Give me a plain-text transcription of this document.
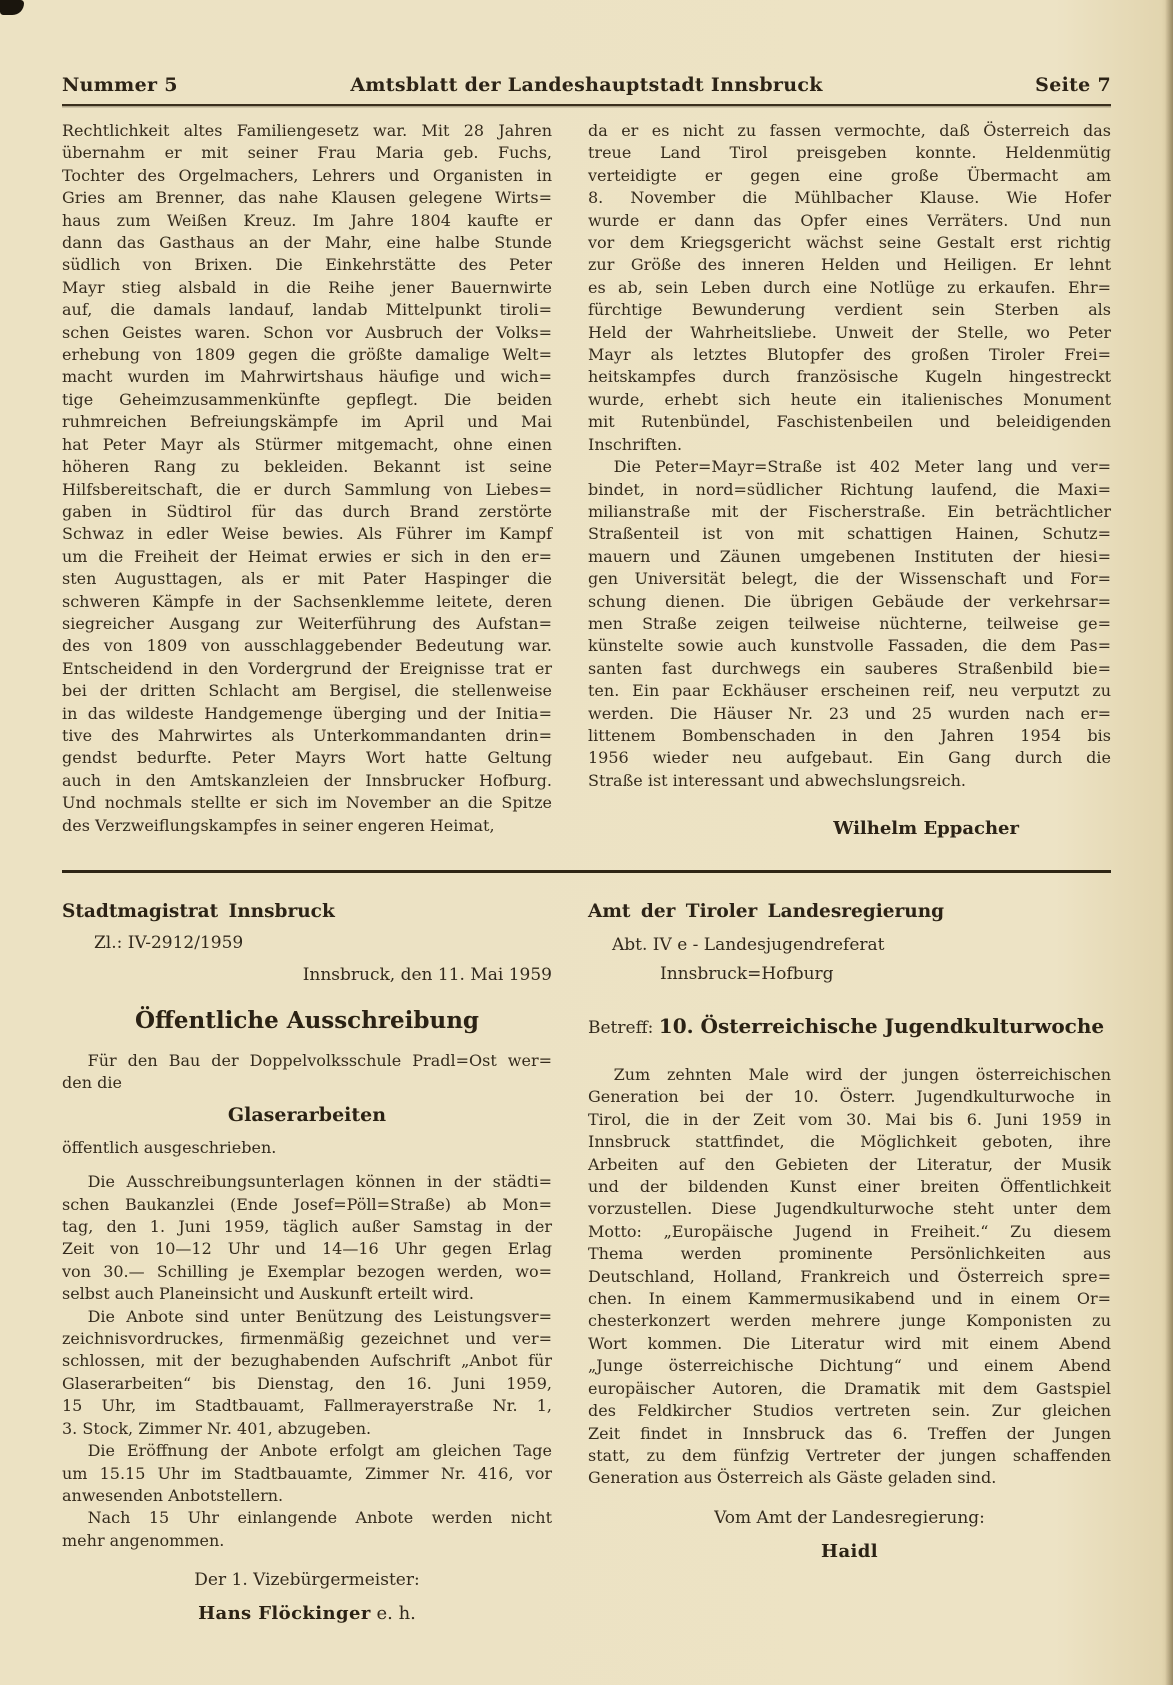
Nummer 5	Amtsblatt der Landeshauptstadt Innsbruck	Seite 7
Rechtlichkeit altes Familiengesetz war. Mit 28 Jahren
übernahm er mit seiner Frau Maria geb. Fuchs,
Tochter des Orgelmachers, Lehrers und Organisten in
Gries am Brenner, das nahe Klausen gelegene Wirts=
haus zum Weißen Kreuz. Im Jahre 1804 kaufte er
dann das Gasthaus an der Mahr, eine halbe Stunde
südlich von Brixen. Die Einkehrstätte des Peter
Mayr stieg alsbald in die Reihe jener Bauernwirte
auf, die damals landauf, landab Mittelpunkt tiroli=
schen Geistes waren. Schon vor Ausbruch der Volks=
erhebung von 1809 gegen die größte damalige Welt=
macht wurden im Mahrwirtshaus häufige und wich=
tige Geheimzusammenkünfte gepflegt. Die beiden
ruhmreichen Befreiungskämpfe im April und Mai
hat Peter Mayr als Stürmer mitgemacht, ohne einen
höheren Rang zu bekleiden. Bekannt ist seine
Hilfsbereitschaft, die er durch Sammlung von Liebes=
gaben in Südtirol für das durch Brand zerstörte
Schwaz in edler Weise bewies. Als Führer im Kampf
um die Freiheit der Heimat erwies er sich in den er=
sten Augusttagen, als er mit Pater Haspinger die
schweren Kämpfe in der Sachsenklemme leitete, deren
siegreicher Ausgang zur Weiterführung des Aufstan=
des von 1809 von ausschlaggebender Bedeutung war.
Entscheidend in den Vordergrund der Ereignisse trat er
bei der dritten Schlacht am Bergisel, die stellenweise
in das wildeste Handgemenge überging und der Initia=
tive des Mahrwirtes als Unterkommandanten drin=
gendst bedurfte. Peter Mayrs Wort hatte Geltung
auch in den Amtskanzleien der Innsbrucker Hofburg.
Und nochmals stellte er sich im November an die Spitze
des Verzweiflungskampfes in seiner engeren Heimat,
da er es nicht zu fassen vermochte, daß Österreich das
treue Land Tirol preisgeben konnte. Heldenmütig
verteidigte er gegen eine große Übermacht am
8. November die Mühlbacher Klause. Wie Hofer
wurde er dann das Opfer eines Verräters. Und nun
vor dem Kriegsgericht wächst seine Gestalt erst richtig
zur Größe des inneren Helden und Heiligen. Er lehnt
es ab, sein Leben durch eine Notlüge zu erkaufen. Ehr=
fürchtige Bewunderung verdient sein Sterben als
Held der Wahrheitsliebe. Unweit der Stelle, wo Peter
Mayr als letztes Blutopfer des großen Tiroler Frei=
heitskampfes durch französische Kugeln hingestreckt
wurde, erhebt sich heute ein italienisches Monument
mit Rutenbündel, Faschistenbeilen und beleidigenden
Inschriften.
Die Peter=Mayr=Straße ist 402 Meter lang und ver=
bindet, in nord=südlicher Richtung laufend, die Maxi=
milianstraße mit der Fischerstraße. Ein beträchtlicher
Straßenteil ist von mit schattigen Hainen, Schutz=
mauern und Zäunen umgebenen Instituten der hiesi=
gen Universität belegt, die der Wissenschaft und For=
schung dienen. Die übrigen Gebäude der verkehrsar=
men Straße zeigen teilweise nüchterne, teilweise ge=
künstelte sowie auch kunstvolle Fassaden, die dem Pas=
santen fast durchwegs ein sauberes Straßenbild bie=
ten. Ein paar Eckhäuser erscheinen reif, neu verputzt zu
werden. Die Häuser Nr. 23 und 25 wurden nach er=
littenem Bombenschaden in den Jahren 1954 bis
1956 wieder neu aufgebaut. Ein Gang durch die
Straße ist interessant und abwechslungsreich.
Wilhelm Eppacher
Stadtmagistrat Innsbruck
Zl.: IV-2912/1959
Innsbruck, den 11. Mai 1959
Öffentliche Ausschreibung
Für den Bau der Doppelvolksschule Pradl=Ost wer=
den die
Glaserarbeiten
öffentlich ausgeschrieben.
Die Ausschreibungsunterlagen können in der städti=
schen Baukanzlei (Ende Josef=Pöll=Straße) ab Mon=
tag, den 1. Juni 1959, täglich außer Samstag in der
Zeit von 10—12 Uhr und 14—16 Uhr gegen Erlag
von 30.— Schilling je Exemplar bezogen werden, wo=
selbst auch Planeinsicht und Auskunft erteilt wird.
Die Anbote sind unter Benützung des Leistungsver=
zeichnisvordruckes, firmenmäßig gezeichnet und ver=
schlossen, mit der bezughabenden Aufschrift „Anbot für
Glaserarbeiten“ bis Dienstag, den 16. Juni 1959,
15 Uhr, im Stadtbauamt, Fallmerayerstraße Nr. 1,
3. Stock, Zimmer Nr. 401, abzugeben.
Die Eröffnung der Anbote erfolgt am gleichen Tage
um 15.15 Uhr im Stadtbauamte, Zimmer Nr. 416, vor
anwesenden Anbotstellern.
Nach 15 Uhr einlangende Anbote werden nicht
mehr angenommen.
Der 1. Vizebürgermeister:
Hans Flöckinger e. h.
Amt der Tiroler Landesregierung
Abt. IV e - Landesjugendreferat
Innsbruck=Hofburg
Betreff: 10. Österreichische Jugendkulturwoche
Zum zehnten Male wird der jungen österreichischen
Generation bei der 10. Österr. Jugendkulturwoche in
Tirol, die in der Zeit vom 30. Mai bis 6. Juni 1959 in
Innsbruck stattfindet, die Möglichkeit geboten, ihre
Arbeiten auf den Gebieten der Literatur, der Musik
und der bildenden Kunst einer breiten Öffentlichkeit
vorzustellen. Diese Jugendkulturwoche steht unter dem
Motto: „Europäische Jugend in Freiheit.“ Zu diesem
Thema werden prominente Persönlichkeiten aus
Deutschland, Holland, Frankreich und Österreich spre=
chen. In einem Kammermusikabend und in einem Or=
chesterkonzert werden mehrere junge Komponisten zu
Wort kommen. Die Literatur wird mit einem Abend
„Junge österreichische Dichtung“ und einem Abend
europäischer Autoren, die Dramatik mit dem Gastspiel
des Feldkircher Studios vertreten sein. Zur gleichen
Zeit findet in Innsbruck das 6. Treffen der Jungen
statt, zu dem fünfzig Vertreter der jungen schaffenden
Generation aus Österreich als Gäste geladen sind.
Vom Amt der Landesregierung:
Haidl
